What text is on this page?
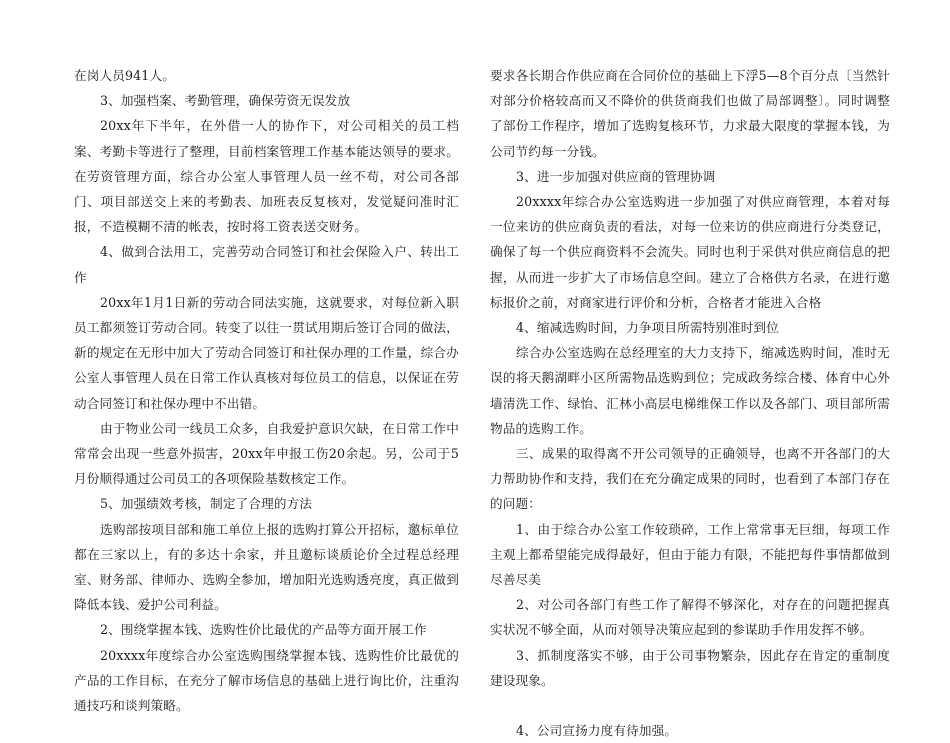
在岗人员941人。

3、加强档案、考勤管理，确保劳资无误发放

20xx年下半年，在外借一人的协作下，对公司相关的员工档案、考勤卡等进行了整理，目前档案管理工作基本能达领导的要求。在劳资管理方面，综合办公室人事管理人员一丝不苟，对公司各部门、项目部送交上来的考勤表、加班表反复核对，发觉疑问准时汇报，不造模糊不清的帐表，按时将工资表送交财务。

4、做到合法用工，完善劳动合同签订和社会保险入户、转出工作

20xx年1月1日新的劳动合同法实施，这就要求，对每位新入职员工都须签订劳动合同。转变了以往一贯试用期后签订合同的做法，新的规定在无形中加大了劳动合同签订和社保办理的工作量，综合办公室人事管理人员在日常工作认真核对每位员工的信息，以保证在劳动合同签订和社保办理中不出错。

由于物业公司一线员工众多，自我爱护意识欠缺，在日常工作中常常会出现一些意外损害，20xx年申报工伤20余起。另，公司于5月份顺得通过公司员工的各项保险基数核定工作。

5、加强绩效考核，制定了合理的方法

选购部按项目部和施工单位上报的选购打算公开招标，邀标单位都在三家以上，有的多达十余家，并且邀标谈质论价全过程总经理室、财务部、律师办、选购全参加，增加阳光选购透亮度，真正做到降低本钱、爱护公司利益。

2、围绕掌握本钱、选购性价比最优的产品等方面开展工作

20xxxx年度综合办公室选购围绕掌握本钱、选购性价比最优的产品的工作目标，在充分了解市场信息的基础上进行询比价，注重沟通技巧和谈判策略。

要求各长期合作供应商在合同价位的基础上下浮5—8个百分点〔当然针对部分价格较高而又不降价的供货商我们也做了局部调整〕。同时调整了部份工作程序，增加了选购复核环节，力求最大限度的掌握本钱，为公司节约每一分钱。

3、进一步加强对供应商的管理协调

20xxxx年综合办公室选购进一步加强了对供应商管理，本着对每一位来访的供应商负责的看法，对每一位来访的供应商进行分类登记，确保了每一个供应商资料不会流失。同时也利于采供对供应商信息的把握，从而进一步扩大了市场信息空间。建立了合格供方名录，在进行邀标报价之前，对商家进行评价和分析，合格者才能进入合格

4、缩减选购时间，力争项目所需特别准时到位

综合办公室选购在总经理室的大力支持下，缩减选购时间，准时无误的将天鹅湖畔小区所需物品选购到位；完成政务综合楼、体育中心外墙清洗工作、绿怡、汇林小高层电梯维保工作以及各部门、项目部所需物品的选购工作。

三、成果的取得离不开公司领导的正确领导，也离不开各部门的大力帮助协作和支持，我们在充分确定成果的同时，也看到了本部门存在的问题：

1、由于综合办公室工作较琐碎，工作上常常事无巨细，每项工作主观上都希望能完成得最好，但由于能力有限，不能把每件事情都做到尽善尽美

2、对公司各部门有些工作了解得不够深化，对存在的问题把握真实状况不够全面，从而对领导决策应起到的参谋助手作用发挥不够。

3、抓制度落实不够，由于公司事物繁杂，因此存在肯定的重制度建设现象。

4、公司宣扬力度有待加强。
